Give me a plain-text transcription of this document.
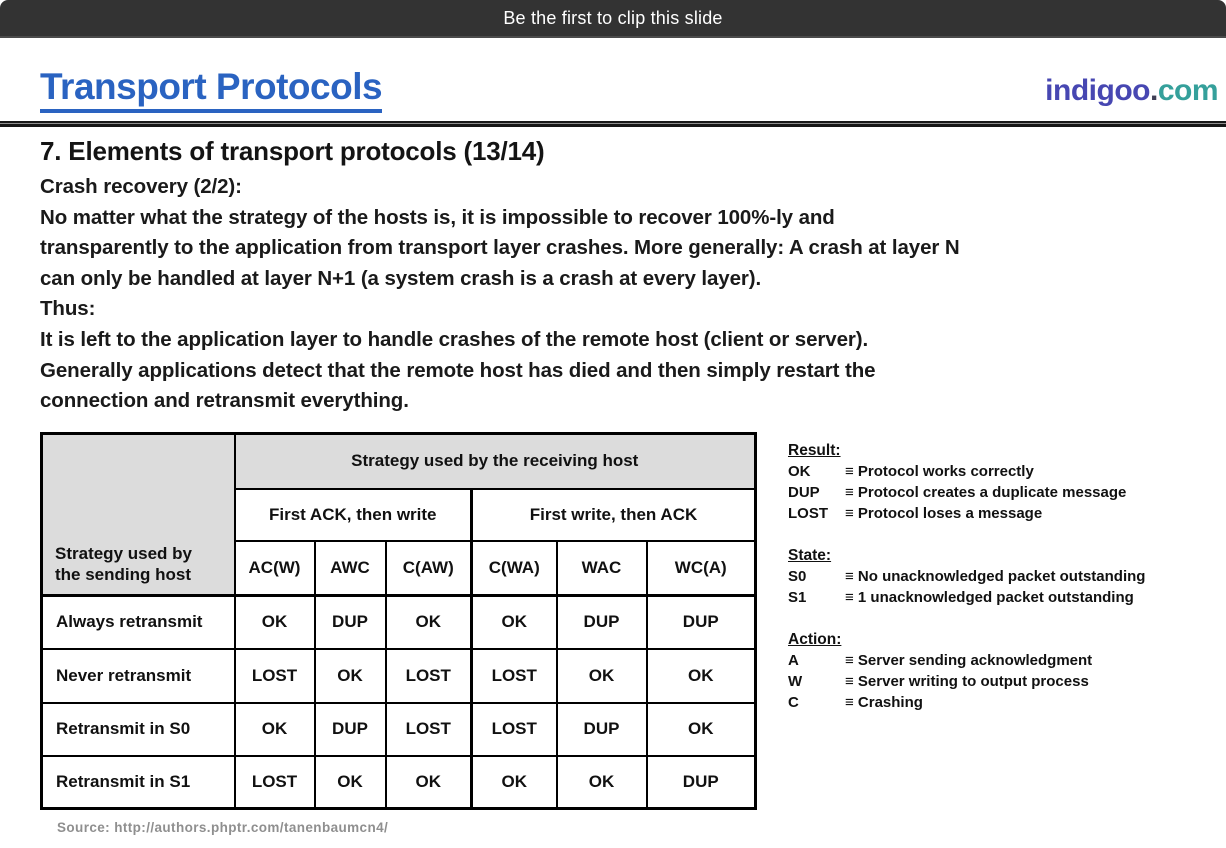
Be the first to clip this slide
Transport Protocols	indigoo.com
7. Elements of transport protocols (13/14)
Crash recovery (2/2):
No matter what the strategy of the hosts is, it is impossible to recover 100%-ly and
transparently to the application from transport layer crashes. More generally: A crash at layer N
can only be handled at layer N+1 (a system crash is a crash at every layer).
Thus:
It is left to the application layer to handle crashes of the remote host (client or server).
Generally applications detect that the remote host has died and then simply restart the
connection and retransmit everything.
Strategy used by
the sending host	Strategy used by the receiving host					
	First ACK, then write			First write, then ACK		
	AC(W)	AWC	C(AW)	C(WA)	WAC	WC(A)
Always retransmit	OK	DUP	OK	OK	DUP	DUP
Never retransmit	LOST	OK	LOST	LOST	OK	OK
Retransmit in S0	OK	DUP	LOST	LOST	DUP	OK
Retransmit in S1	LOST	OK	OK	OK	OK	DUP
Result:
OK	≡ Protocol works correctly
DUP	≡ Protocol creates a duplicate message
LOST	≡ Protocol loses a message
State:
S0	≡ No unacknowledged packet outstanding
S1	≡ 1 unacknowledged packet outstanding
Action:
A	≡ Server sending acknowledgment
W	≡ Server writing to output process
C	≡ Crashing
Source: http://authors.phptr.com/tanenbaumcn4/
